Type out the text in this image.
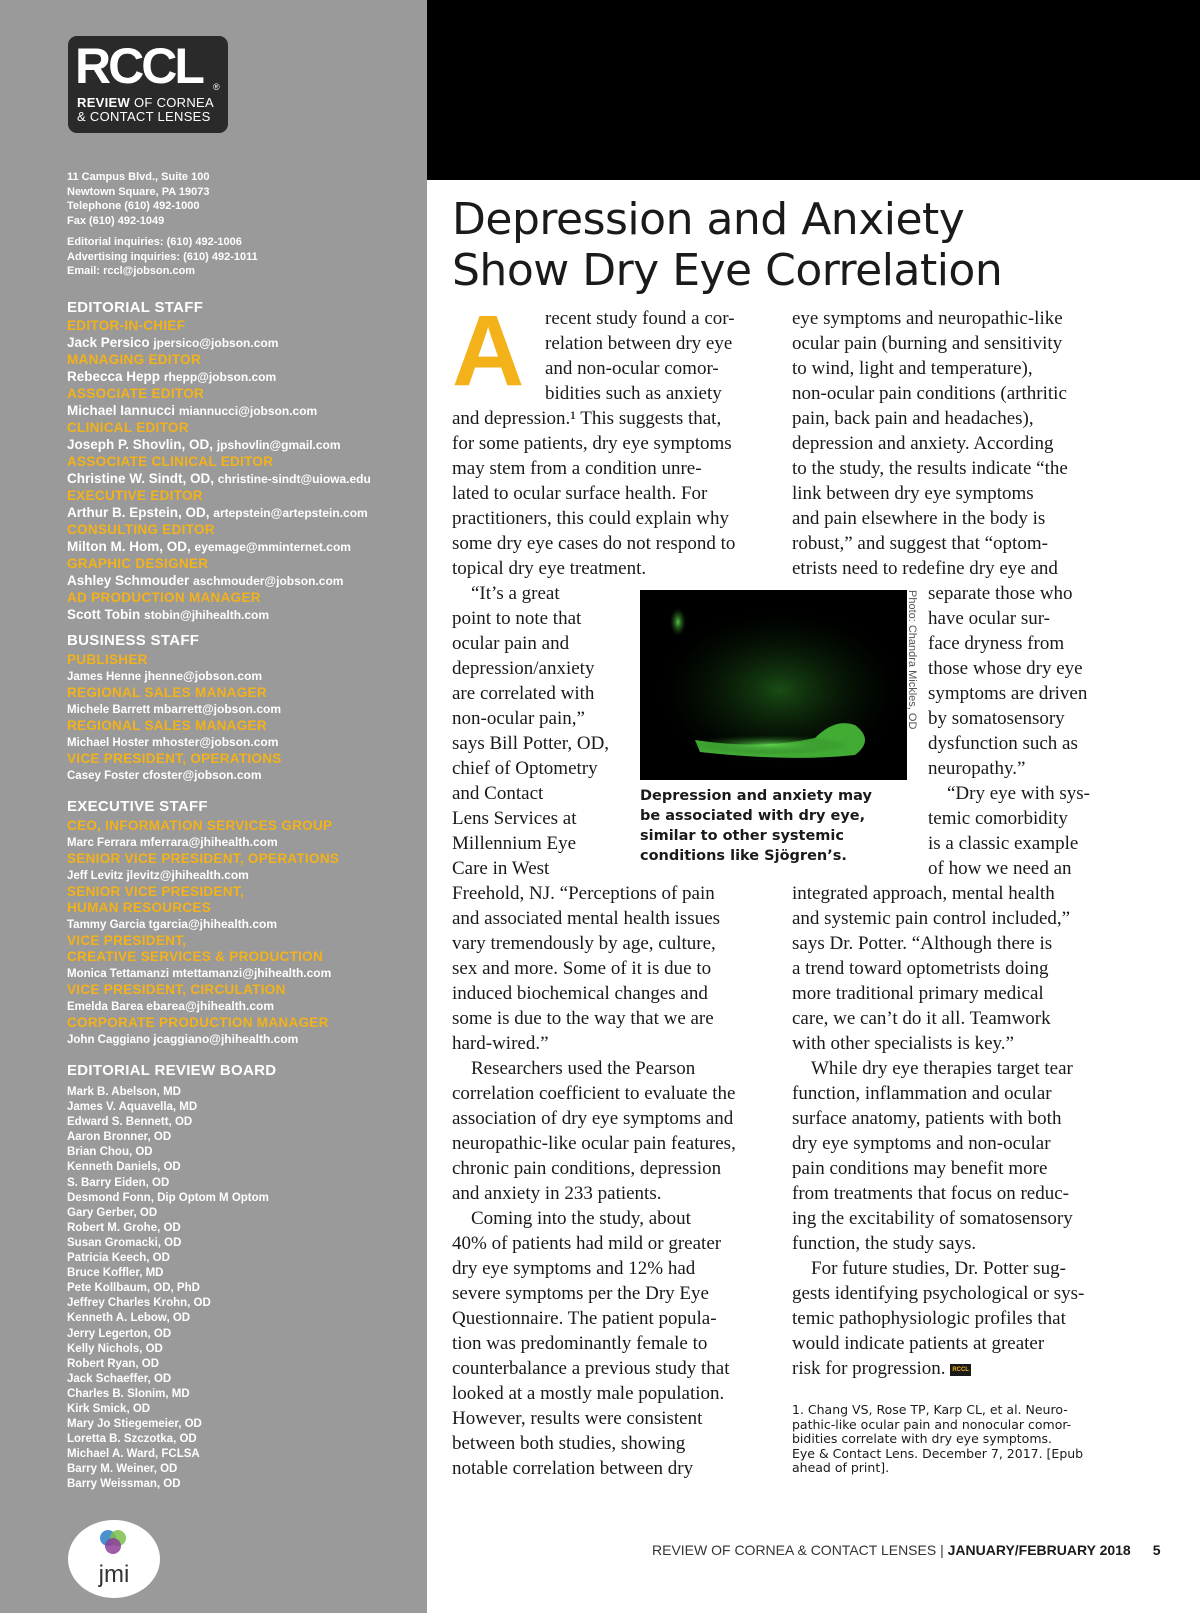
RCCL ®
REVIEW OF CORNEA
& CONTACT LENSES
11 Campus Blvd., Suite 100
Newtown Square, PA 19073
Telephone (610) 492-1000
Fax (610) 492-1049
Editorial inquiries: (610) 492-1006
Advertising inquiries: (610) 492-1011
Email: rccl@jobson.com
EDITORIAL STAFF
EDITOR-IN-CHIEF
Jack Persico jpersico@jobson.com
MANAGING EDITOR
Rebecca Hepp rhepp@jobson.com
ASSOCIATE EDITOR
Michael Iannucci miannucci@jobson.com
CLINICAL EDITOR
Joseph P. Shovlin, OD, jpshovlin@gmail.com
ASSOCIATE CLINICAL EDITOR
Christine W. Sindt, OD, christine-sindt@uiowa.edu
EXECUTIVE EDITOR
Arthur B. Epstein, OD, artepstein@artepstein.com
CONSULTING EDITOR
Milton M. Hom, OD, eyemage@mminternet.com
GRAPHIC DESIGNER
Ashley Schmouder aschmouder@jobson.com
AD PRODUCTION MANAGER
Scott Tobin stobin@jhihealth.com
BUSINESS STAFF
PUBLISHER
James Henne jhenne@jobson.com
REGIONAL SALES MANAGER
Michele Barrett mbarrett@jobson.com
REGIONAL SALES MANAGER
Michael Hoster mhoster@jobson.com
VICE PRESIDENT, OPERATIONS
Casey Foster cfoster@jobson.com
EXECUTIVE STAFF
CEO, INFORMATION SERVICES GROUP
Marc Ferrara mferrara@jhihealth.com
SENIOR VICE PRESIDENT, OPERATIONS
Jeff Levitz jlevitz@jhihealth.com
SENIOR VICE PRESIDENT,
HUMAN RESOURCES
Tammy Garcia tgarcia@jhihealth.com
VICE PRESIDENT,
CREATIVE SERVICES & PRODUCTION
Monica Tettamanzi mtettamanzi@jhihealth.com
VICE PRESIDENT, CIRCULATION
Emelda Barea ebarea@jhihealth.com
CORPORATE PRODUCTION MANAGER
John Caggiano jcaggiano@jhihealth.com
EDITORIAL REVIEW BOARD
Mark B. Abelson, MD
James V. Aquavella, MD
Edward S. Bennett, OD
Aaron Bronner, OD
Brian Chou, OD
Kenneth Daniels, OD
S. Barry Eiden, OD
Desmond Fonn, Dip Optom M Optom
Gary Gerber, OD
Robert M. Grohe, OD
Susan Gromacki, OD
Patricia Keech, OD
Bruce Koffler, MD
Pete Kollbaum, OD, PhD
Jeffrey Charles Krohn, OD
Kenneth A. Lebow, OD
Jerry Legerton, OD
Kelly Nichols, OD
Robert Ryan, OD
Jack Schaeffer, OD
Charles B. Slonim, MD
Kirk Smick, OD
Mary Jo Stiegemeier, OD
Loretta B. Szczotka, OD
Michael A. Ward, FCLSA
Barry M. Weiner, OD
Barry Weissman, OD
jmi
Depression and Anxiety
Show Dry Eye Correlation
A recent study found a cor-
relation between dry eye
and non-ocular comor-
bidities such as anxiety
and depression.¹ This suggests that,
for some patients, dry eye symptoms
may stem from a condition unre-
lated to ocular surface health. For
practitioners, this could explain why
some dry eye cases do not respond to
topical dry eye treatment.
“It’s a great
point to note that
ocular pain and
depression/anxiety
are correlated with
non-ocular pain,”
says Bill Potter, OD,
chief of Optometry
and Contact
Lens Services at
Millennium Eye
Care in West
Freehold, NJ. “Perceptions of pain
and associated mental health issues
vary tremendously by age, culture,
sex and more. Some of it is due to
induced biochemical changes and
some is due to the way that we are
hard-wired.”
Researchers used the Pearson
correlation coefficient to evaluate the
association of dry eye symptoms and
neuropathic-like ocular pain features,
chronic pain conditions, depression
and anxiety in 233 patients.
Coming into the study, about
40% of patients had mild or greater
dry eye symptoms and 12% had
severe symptoms per the Dry Eye
Questionnaire. The patient popula-
tion was predominantly female to
counterbalance a previous study that
looked at a mostly male population.
However, results were consistent
between both studies, showing
notable correlation between dry
Photo: Chandra Mickles, OD
Depression and anxiety may
be associated with dry eye,
similar to other systemic
conditions like Sjögren’s.
eye symptoms and neuropathic-like
ocular pain (burning and sensitivity
to wind, light and temperature),
non-ocular pain conditions (arthritic
pain, back pain and headaches),
depression and anxiety. According
to the study, the results indicate “the
link between dry eye symptoms
and pain elsewhere in the body is
robust,” and suggest that “optom-
etrists need to redefine dry eye and
separate those who
have ocular sur-
face dryness from
those whose dry eye
symptoms are driven
by somatosensory
dysfunction such as
neuropathy.”
“Dry eye with sys-
temic comorbidity
is a classic example
of how we need an
integrated approach, mental health
and systemic pain control included,”
says Dr. Potter. “Although there is
a trend toward optometrists doing
more traditional primary medical
care, we can’t do it all. Teamwork
with other specialists is key.”
While dry eye therapies target tear
function, inflammation and ocular
surface anatomy, patients with both
dry eye symptoms and non-ocular
pain conditions may benefit more
from treatments that focus on reduc-
ing the excitability of somatosensory
function, the study says.
For future studies, Dr. Potter sug-
gests identifying psychological or sys-
temic pathophysiologic profiles that
would indicate patients at greater
risk for progression. RCCL
1. Chang VS, Rose TP, Karp CL, et al. Neuro-
pathic-like ocular pain and nonocular comor-
bidities correlate with dry eye symptoms.
Eye & Contact Lens. December 7, 2017. [Epub
ahead of print].
REVIEW OF CORNEA & CONTACT LENSES | JANUARY/FEBRUARY 2018 5
